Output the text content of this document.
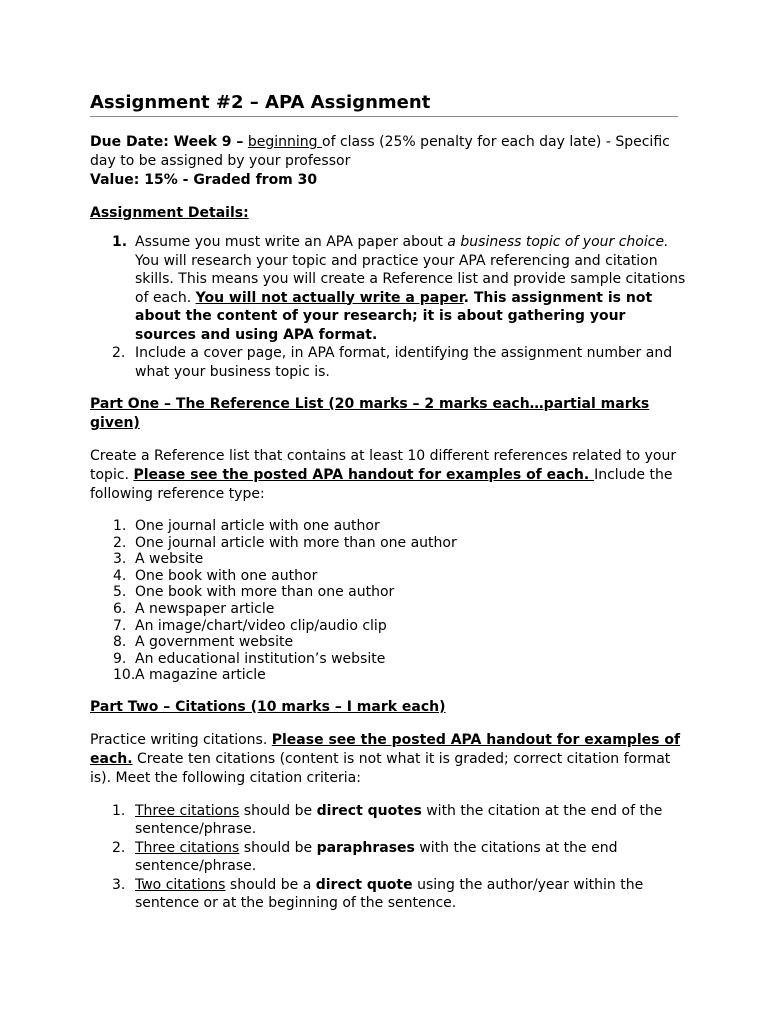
Assignment #2 – APA Assignment

Due Date: Week 9 – beginning of class (25% penalty for each day late) - Specific day to be assigned by your professor

Value: 15% - Graded from 30

Assignment Details:

1. Assume you must write an APA paper about a business topic of your choice. You will research your topic and practice your APA referencing and citation skills. This means you will create a Reference list and provide sample citations of each. You will not actually write a paper. This assignment is not about the content of your research; it is about gathering your sources and using APA format.
2. Include a cover page, in APA format, identifying the assignment number and what your business topic is.

Part One – The Reference List (20 marks – 2 marks each…partial marks given)

Create a Reference list that contains at least 10 different references related to your topic. Please see the posted APA handout for examples of each. Include the following reference type:

1. One journal article with one author
2. One journal article with more than one author
3. A website
4. One book with one author
5. One book with more than one author
6. A newspaper article
7. An image/chart/video clip/audio clip
8. A government website
9. An educational institution’s website
10. A magazine article

Part Two – Citations (10 marks – I mark each)

Practice writing citations. Please see the posted APA handout for examples of each. Create ten citations (content is not what it is graded; correct citation format is). Meet the following citation criteria:

1. Three citations should be direct quotes with the citation at the end of the sentence/phrase.
2. Three citations should be paraphrases with the citations at the end sentence/phrase.
3. Two citations should be a direct quote using the author/year within the sentence or at the beginning of the sentence.
